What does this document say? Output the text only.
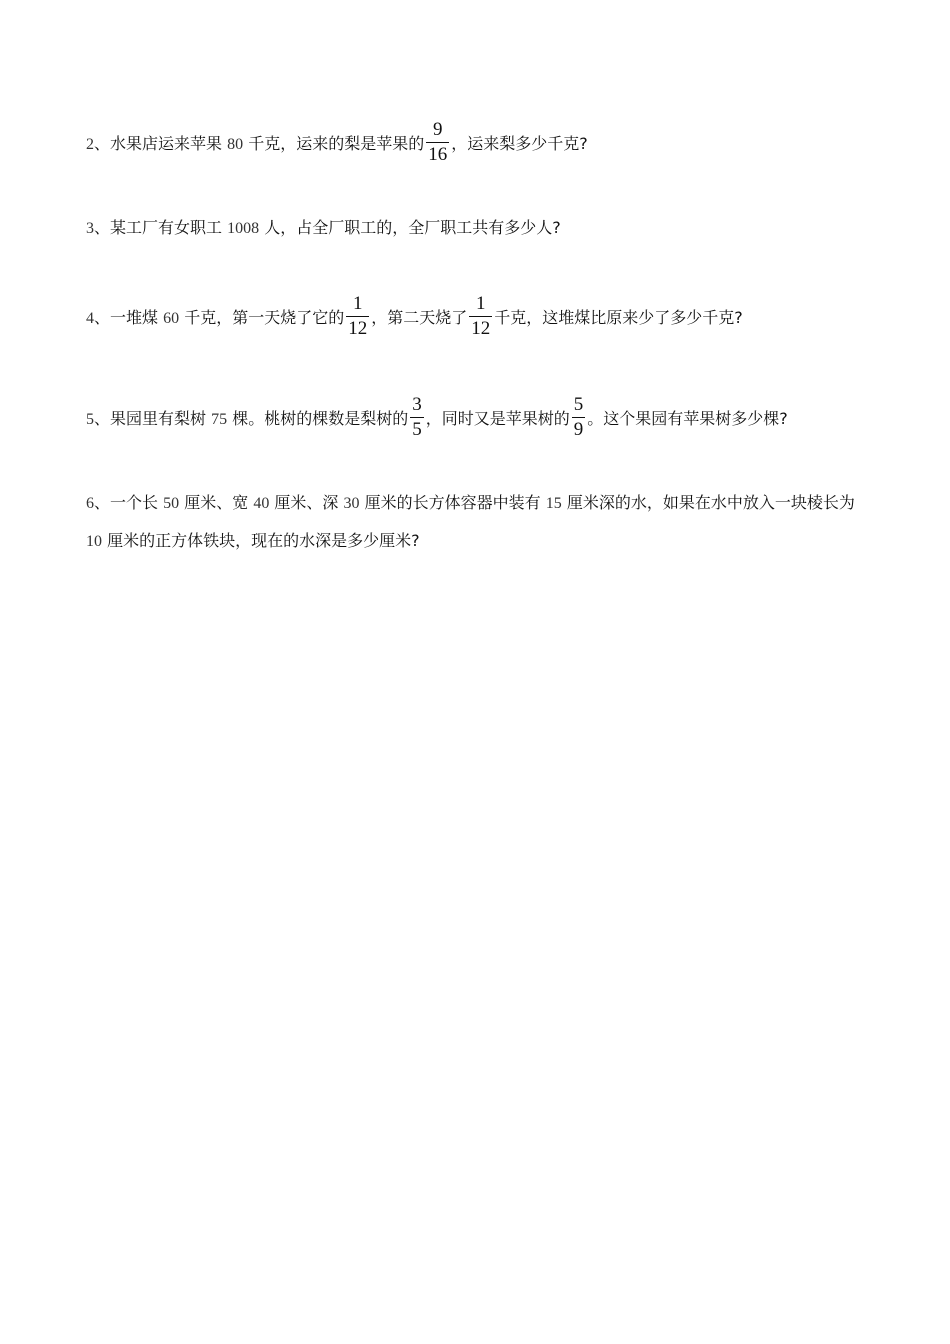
2、水果店运来苹果 80 千克，运来的梨是苹果的 $\frac{9}{16}$ ，运来梨多少千克?
3、某工厂有女职工 1008 人，占全厂职工的，全厂职工共有多少人?
4、一堆煤 60 千克，第一天烧了它的 $\frac{1}{12}$ ，第二天烧了 $\frac{1}{12}$ 千克，这堆煤比原来少了多少千克?
5、果园里有梨树 75 棵。桃树的棵数是梨树的 $\frac{3}{5}$ ，同时又是苹果树的 $\frac{5}{9}$ 。这个果园有苹果树多少棵?
6、一个长 50 厘米、宽 40 厘米、深 30 厘米的长方体容器中装有 15 厘米深的水，如果在水中放入一块棱长为 10 厘米的正方体铁块，现在的水深是多少厘米?
